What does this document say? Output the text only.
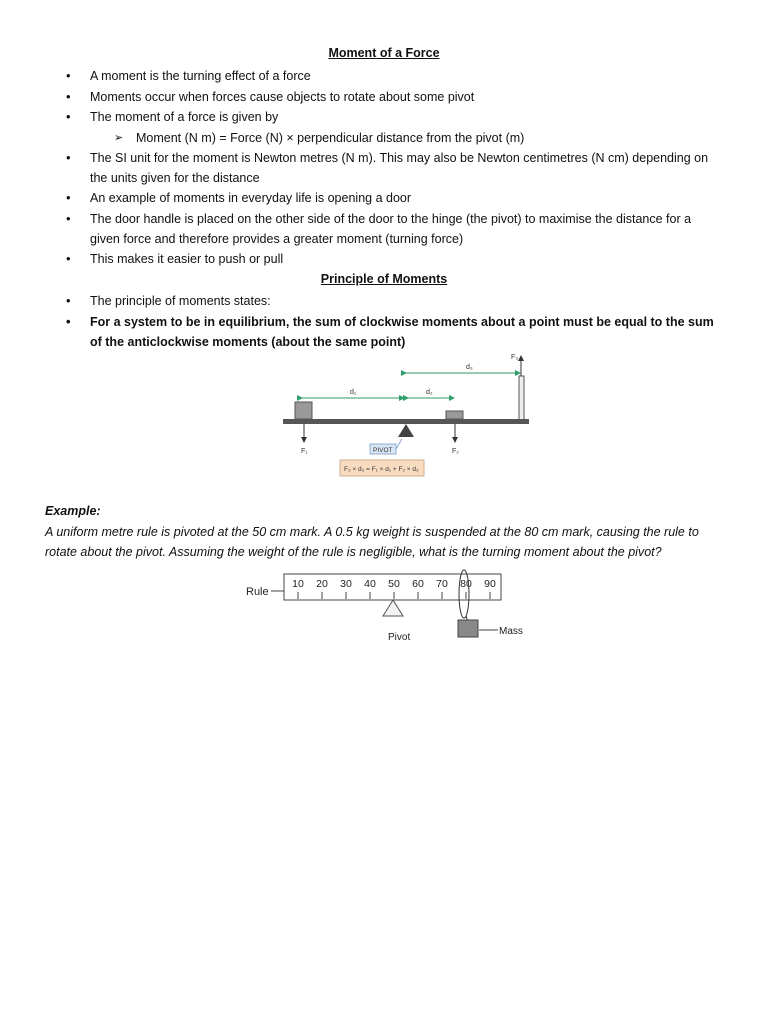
Moment of a Force
• A moment is the turning effect of a force
• Moments occur when forces cause objects to rotate about some pivot
• The moment of a force is given by
➢ Moment (N m) = Force (N) × perpendicular distance from the pivot (m)
• The SI unit for the moment is Newton metres (N m). This may also be Newton centimetres (N cm) depending on the units given for the distance
• An example of moments in everyday life is opening a door
• The door handle is placed on the other side of the door to the hinge (the pivot) to maximise the distance for a given force and therefore provides a greater moment (turning force)
• This makes it easier to push or pull
Principle of Moments
• The principle of moments states:
• For a system to be in equilibrium, the sum of clockwise moments about a point must be equal to the sum of the anticlockwise moments (about the same point)
d₃
d₁	d₂
F₃
F₁	F₂
PIVOT
F₃ × d₃ = F₁ × d₁ + F₂ × d₂
Example:
A uniform metre rule is pivoted at the 50 cm mark. A 0.5 kg weight is suspended at the 80 cm mark, causing the rule to rotate about the pivot. Assuming the weight of the rule is negligible, what is the turning moment about the pivot?
Rule
10 20 30 40 50 60 70 80 90
Pivot
Mass
